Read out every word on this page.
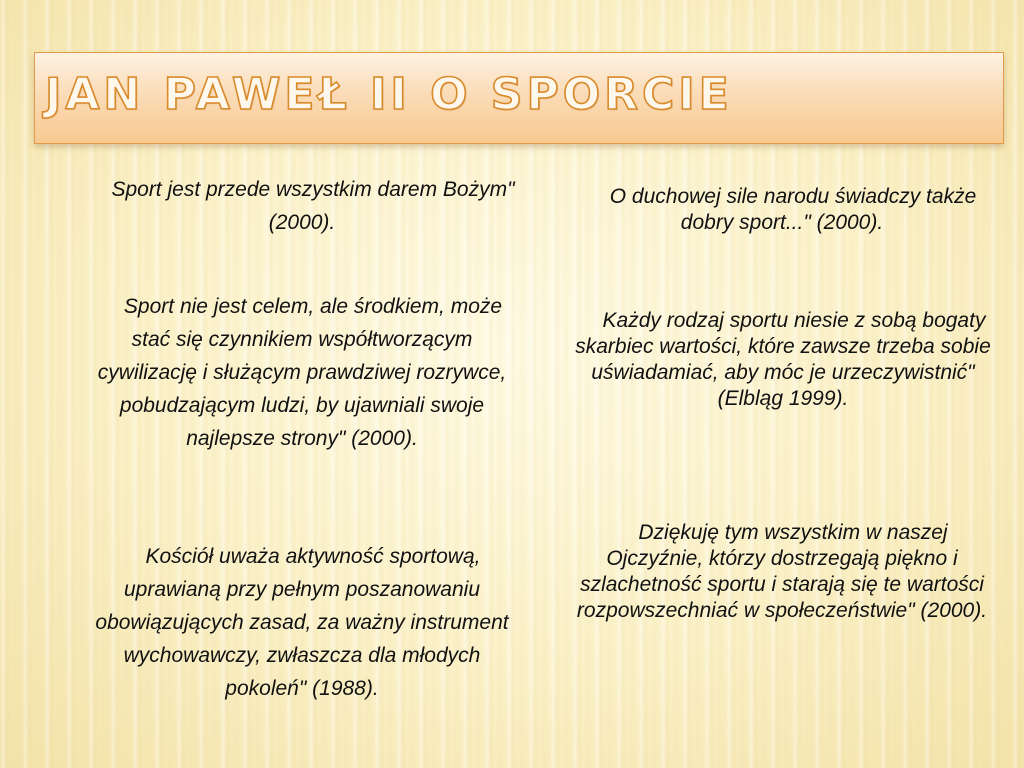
JAN PAWEŁ II O SPORCIE

Sport jest przede wszystkim darem Bożym" (2000).

Sport nie jest celem, ale środkiem, może stać się czynnikiem współtworzącym cywilizację i służącym prawdziwej rozrywce, pobudzającym ludzi, by ujawniali swoje najlepsze strony" (2000).

Kościół uważa aktywność sportową, uprawianą przy pełnym poszanowaniu obowiązujących zasad, za ważny instrument wychowawczy, zwłaszcza dla młodych pokoleń" (1988).

O duchowej sile narodu świadczy także dobry sport..." (2000).

Każdy rodzaj sportu niesie z sobą bogaty skarbiec wartości, które zawsze trzeba sobie uświadamiać, aby móc je urzeczywistnić" (Elbląg 1999).

Dziękuję tym wszystkim w naszej Ojczyźnie, którzy dostrzegają piękno i szlachetność sportu i starają się te wartości rozpowszechniać w społeczeństwie" (2000).
